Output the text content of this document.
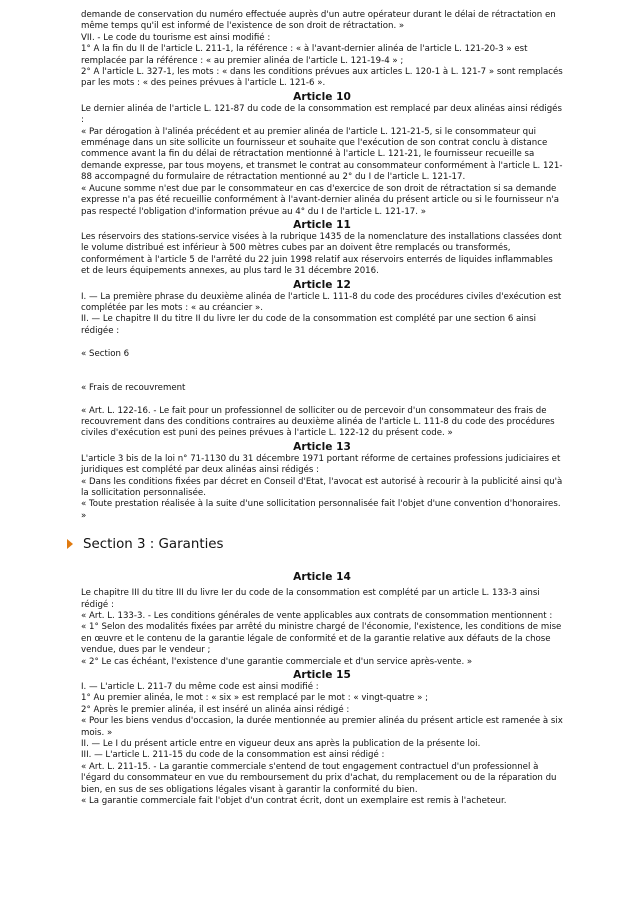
demande de conservation du numéro effectuée auprès d'un autre opérateur durant le délai de rétractation en même temps qu'il est informé de l'existence de son droit de rétractation. »

VII. - Le code du tourisme est ainsi modifié :

1° A la fin du II de l'article L. 211-1, la référence : « à l'avant-dernier alinéa de l'article L. 121-20-3 » est remplacée par la référence : « au premier alinéa de l'article L. 121-19-4 » ;

2° A l'article L. 327-1, les mots : « dans les conditions prévues aux articles L. 120-1 à L. 121-7 » sont remplacés par les mots : « des peines prévues à l'article L. 121-6 ».

Article 10

Le dernier alinéa de l'article L. 121-87 du code de la consommation est remplacé par deux alinéas ainsi rédigés :

« Par dérogation à l'alinéa précédent et au premier alinéa de l'article L. 121-21-5, si le consommateur qui emménage dans un site sollicite un fournisseur et souhaite que l'exécution de son contrat conclu à distance commence avant la fin du délai de rétractation mentionné à l'article L. 121-21, le fournisseur recueille sa demande expresse, par tous moyens, et transmet le contrat au consommateur conformément à l'article L. 121-88 accompagné du formulaire de rétractation mentionné au 2° du I de l'article L. 121-17.

« Aucune somme n'est due par le consommateur en cas d'exercice de son droit de rétractation si sa demande expresse n'a pas été recueillie conformément à l'avant-dernier alinéa du présent article ou si le fournisseur n'a pas respecté l'obligation d'information prévue au 4° du I de l'article L. 121-17. »

Article 11

Les réservoirs des stations-service visées à la rubrique 1435 de la nomenclature des installations classées dont le volume distribué est inférieur à 500 mètres cubes par an doivent être remplacés ou transformés, conformément à l'article 5 de l'arrêté du 22 juin 1998 relatif aux réservoirs enterrés de liquides inflammables et de leurs équipements annexes, au plus tard le 31 décembre 2016.

Article 12

I. — La première phrase du deuxième alinéa de l'article L. 111-8 du code des procédures civiles d'exécution est complétée par les mots : « au créancier ».

II. — Le chapitre II du titre II du livre Ier du code de la consommation est complété par une section 6 ainsi rédigée :

« Section 6

« Frais de recouvrement

« Art. L. 122-16. - Le fait pour un professionnel de solliciter ou de percevoir d'un consommateur des frais de recouvrement dans des conditions contraires au deuxième alinéa de l'article L. 111-8 du code des procédures civiles d'exécution est puni des peines prévues à l'article L. 122-12 du présent code. »

Article 13

L'article 3 bis de la loi n° 71-1130 du 31 décembre 1971 portant réforme de certaines professions judiciaires et juridiques est complété par deux alinéas ainsi rédigés :

« Dans les conditions fixées par décret en Conseil d'Etat, l'avocat est autorisé à recourir à la publicité ainsi qu'à la sollicitation personnalisée.

« Toute prestation réalisée à la suite d'une sollicitation personnalisée fait l'objet d'une convention d'honoraires. »

Section 3 : Garanties
Article 14

Le chapitre III du titre III du livre Ier du code de la consommation est complété par un article L. 133-3 ainsi rédigé :

« Art. L. 133-3. - Les conditions générales de vente applicables aux contrats de consommation mentionnent :

« 1° Selon des modalités fixées par arrêté du ministre chargé de l'économie, l'existence, les conditions de mise en œuvre et le contenu de la garantie légale de conformité et de la garantie relative aux défauts de la chose vendue, dues par le vendeur ;

« 2° Le cas échéant, l'existence d'une garantie commerciale et d'un service après-vente. »

Article 15

I. — L'article L. 211-7 du même code est ainsi modifié :

1° Au premier alinéa, le mot : « six » est remplacé par le mot : « vingt-quatre » ;

2° Après le premier alinéa, il est inséré un alinéa ainsi rédigé :

« Pour les biens vendus d'occasion, la durée mentionnée au premier alinéa du présent article est ramenée à six mois. »

II. — Le I du présent article entre en vigueur deux ans après la publication de la présente loi.

III. — L'article L. 211-15 du code de la consommation est ainsi rédigé :

« Art. L. 211-15. - La garantie commerciale s'entend de tout engagement contractuel d'un professionnel à l'égard du consommateur en vue du remboursement du prix d'achat, du remplacement ou de la réparation du bien, en sus de ses obligations légales visant à garantir la conformité du bien.

« La garantie commerciale fait l'objet d'un contrat écrit, dont un exemplaire est remis à l'acheteur.
